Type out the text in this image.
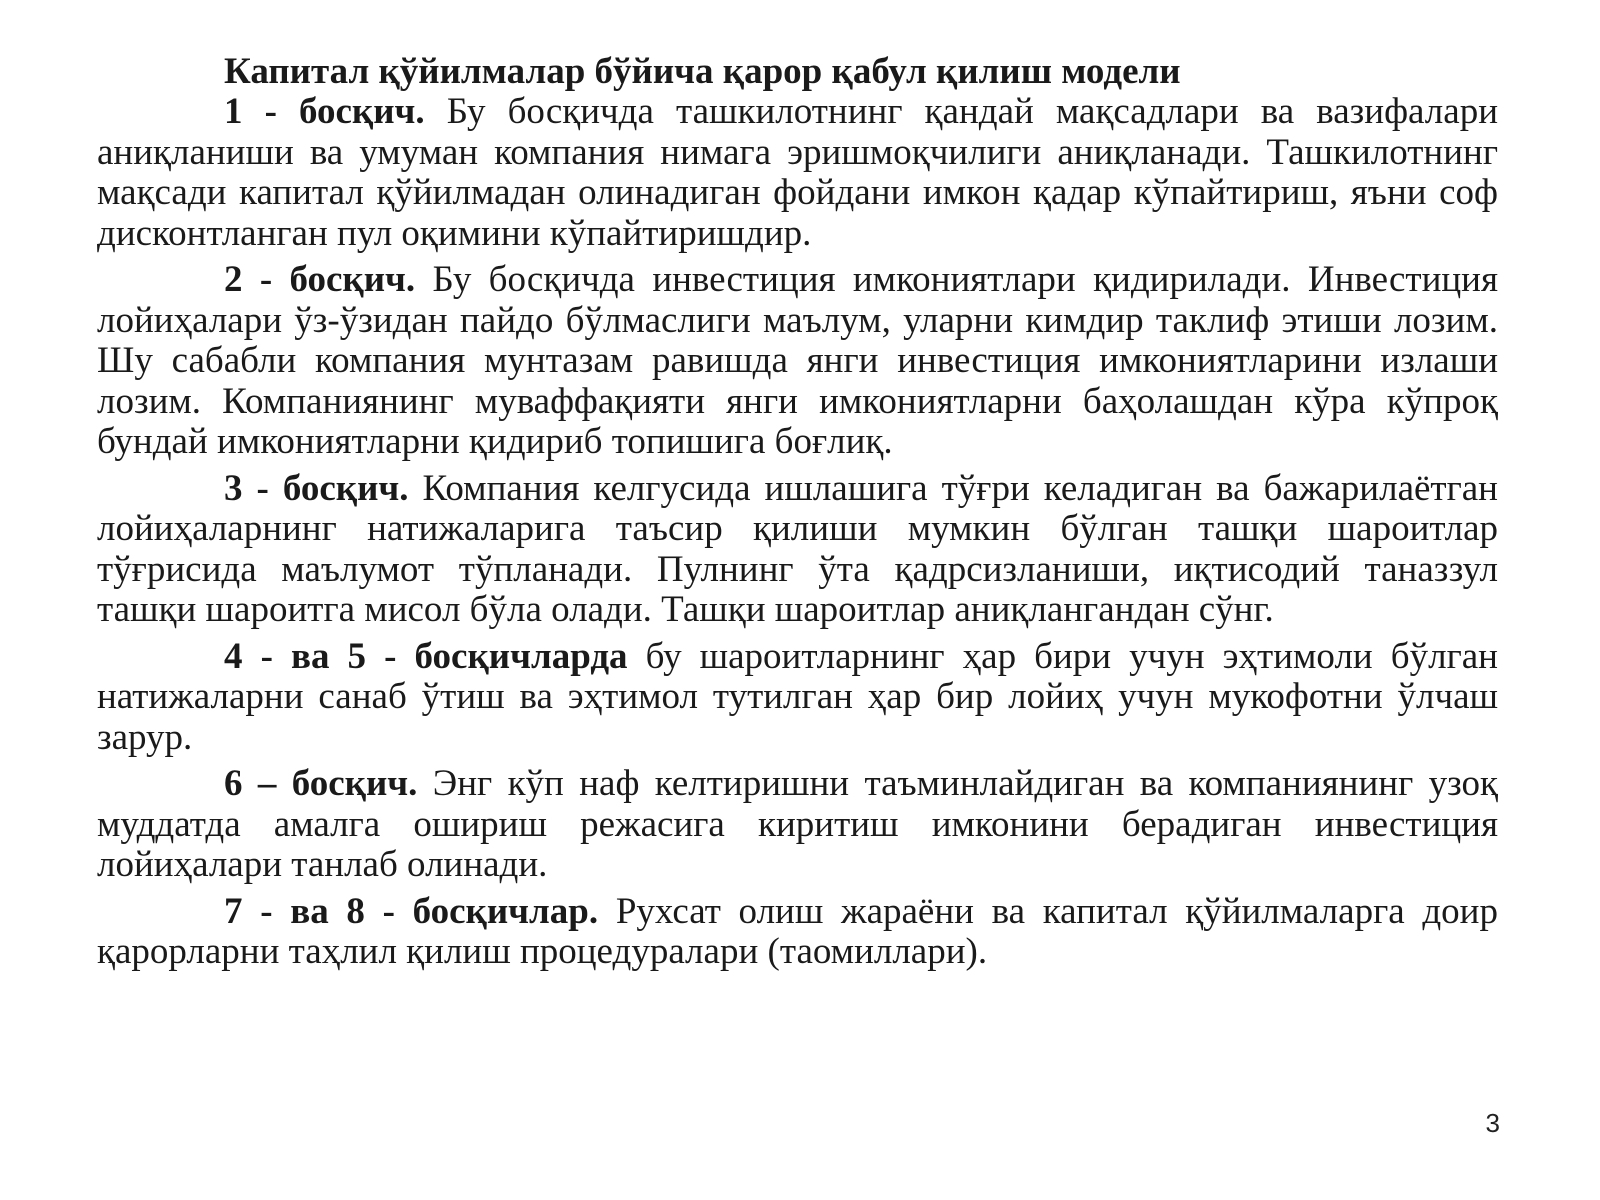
Капитал қўйилмалар бўйича қарор қабул қилиш модели

1 - босқич. Бу босқичда ташкилотнинг қандай мақсадлари ва вазифалари аниқланиши ва умуман компания нимага эришмоқчилиги аниқланади. Ташкилотнинг мақсади капитал қўйилмадан олинадиган фойдани имкон қадар кўпайтириш, яъни соф дисконтланган пул оқимини кўпайтиришдир.

2 - босқич. Бу босқичда инвестиция имкониятлари қидирилади. Инвестиция лойиҳалари ўз-ўзидан пайдо бўлмаслиги маълум, уларни кимдир таклиф этиши лозим. Шу сабабли компания мунтазам равишда янги инвестиция имкониятларини излаши лозим. Компаниянинг муваффақияти янги имкониятларни баҳолашдан кўра кўпроқ бундай имкониятларни қидириб топишига боғлиқ.

3 - босқич. Компания келгусида ишлашига тўғри келадиган ва бажарилаётган лойиҳаларнинг натижаларига таъсир қилиши мумкин бўлган ташқи шароитлар тўғрисида маълумот тўпланади. Пулнинг ўта қадрсизланиши, иқтисодий таназзул ташқи шароитга мисол бўла олади. Ташқи шароитлар аниқлангандан сўнг.

4 - ва 5 - босқичларда бу шароитларнинг ҳар бири учун эҳтимоли бўлган натижаларни санаб ўтиш ва эҳтимол тутилган ҳар бир лойиҳ учун мукофотни ўлчаш зарур.

6 – босқич. Энг кўп наф келтиришни таъминлайдиган ва компаниянинг узоқ муддатда амалга ошириш режасига киритиш имконини берадиган инвестиция лойиҳалари танлаб олинади.

7 - ва 8 - босқичлар. Рухсат олиш жараёни ва капитал қўйилмаларга доир қарорларни таҳлил қилиш процедуралари (таомиллари).

3
